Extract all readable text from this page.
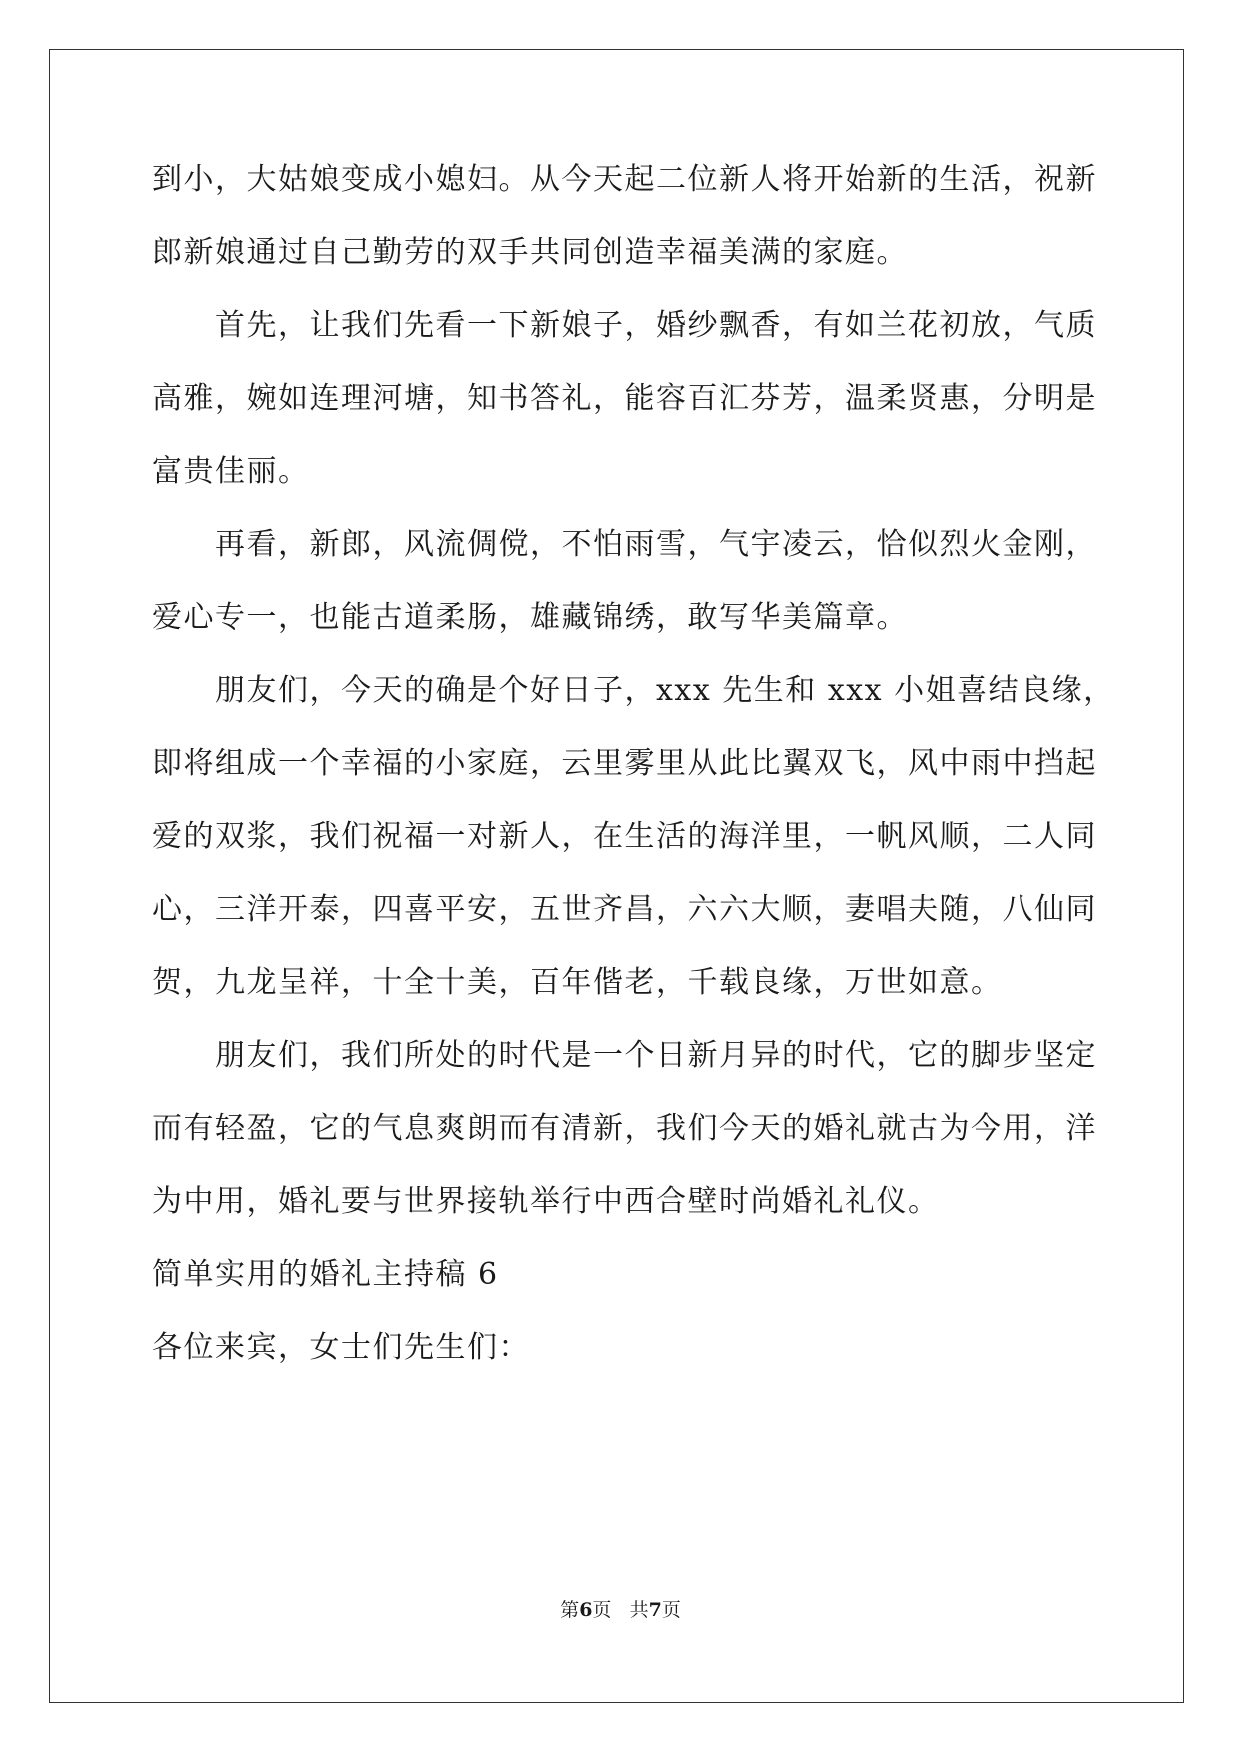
到小，大姑娘变成小媳妇。从今天起二位新人将开始新的生活，祝新
郎新娘通过自己勤劳的双手共同创造幸福美满的家庭。
　　首先，让我们先看一下新娘子，婚纱飘香，有如兰花初放，气质
高雅，婉如连理河塘，知书答礼，能容百汇芬芳，温柔贤惠，分明是
富贵佳丽。
　　再看，新郎，风流倜傥，不怕雨雪，气宇凌云，恰似烈火金刚，
爱心专一，也能古道柔肠，雄藏锦绣，敢写华美篇章。
　　朋友们，今天的确是个好日子，xxx 先生和 xxx 小姐喜结良缘，
即将组成一个幸福的小家庭，云里雾里从此比翼双飞，风中雨中挡起
爱的双浆，我们祝福一对新人，在生活的海洋里，一帆风顺，二人同
心，三洋开泰，四喜平安，五世齐昌，六六大顺，妻唱夫随，八仙同
贺，九龙呈祥，十全十美，百年偕老，千载良缘，万世如意。
　　朋友们，我们所处的时代是一个日新月异的时代，它的脚步坚定
而有轻盈，它的气息爽朗而有清新，我们今天的婚礼就古为今用，洋
为中用，婚礼要与世界接轨举行中西合壁时尚婚礼礼仪。
简单实用的婚礼主持稿 6
各位来宾，女士们先生们：
第6页 共7页
